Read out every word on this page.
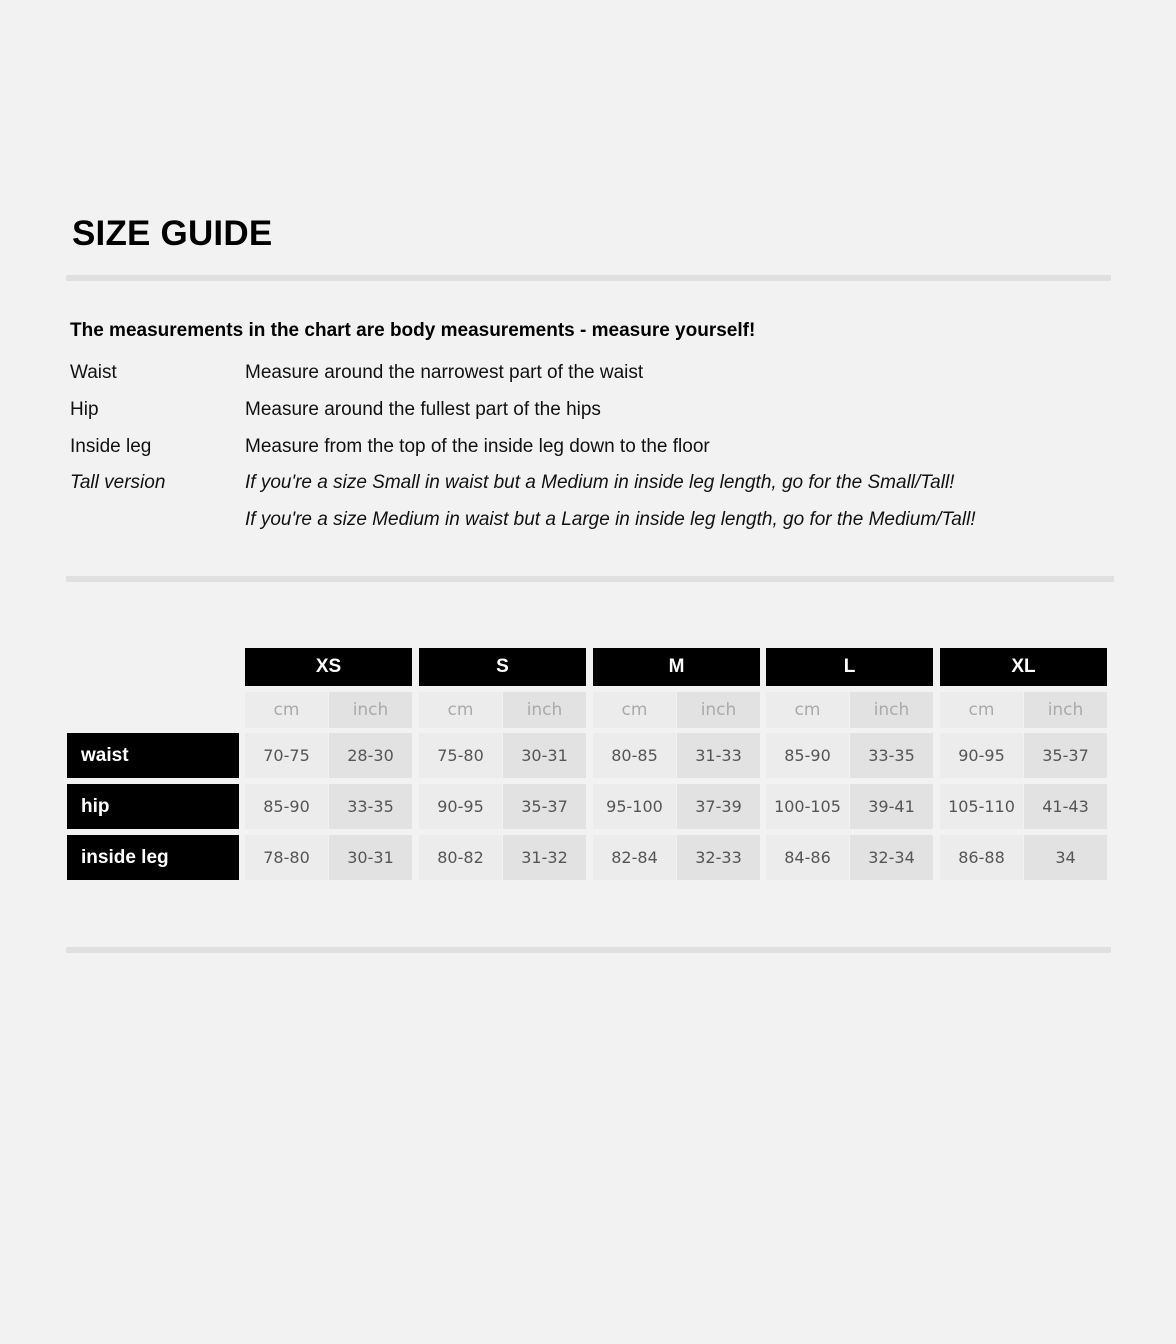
SIZE GUIDE
The measurements in the chart are body measurements - measure yourself!
Waist	Measure around the narrowest part of the waist
Hip	Measure around the fullest part of the hips
Inside leg	Measure from the top of the inside leg down to the floor
Tall version	If you're a size Small in waist but a Medium in inside leg length, go for the Small/Tall!
If you're a size Medium in waist but a Large in inside leg length, go for the Medium/Tall!
XS	S	M	L	XL
cm	inch	cm	inch	cm	inch	cm	inch	cm	inch
waist	70-75	28-30	75-80	30-31	80-85	31-33	85-90	33-35	90-95	35-37
hip	85-90	33-35	90-95	35-37	95-100	37-39	100-105	39-41	105-110	41-43
inside leg	78-80	30-31	80-82	31-32	82-84	32-33	84-86	32-34	86-88	34
